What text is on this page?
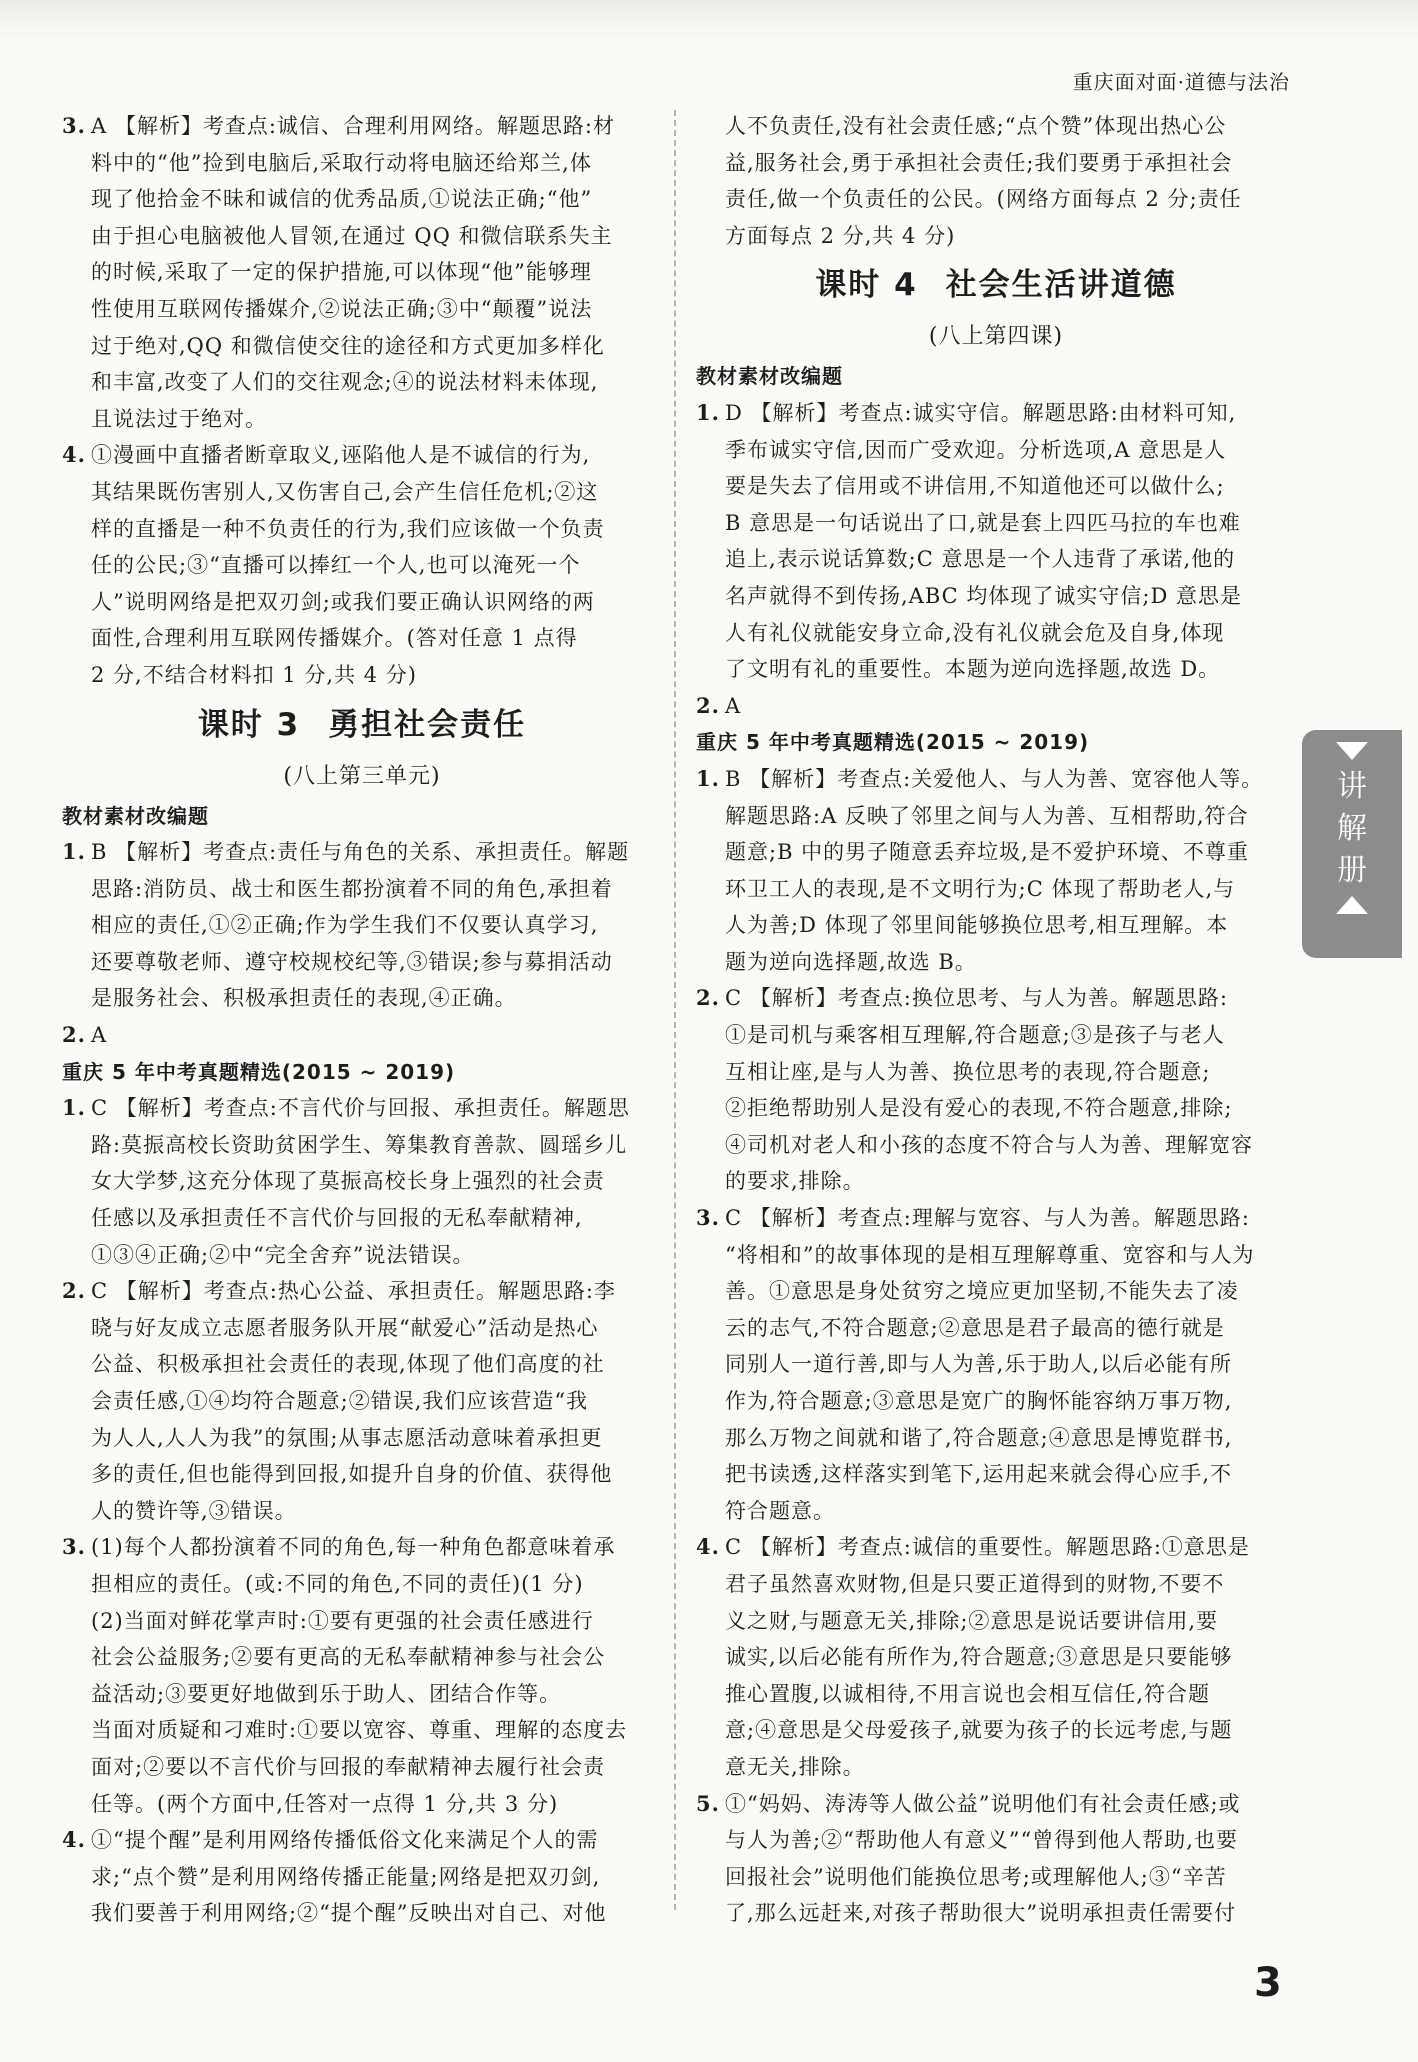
重庆面对面·道德与法治
3. A 【解析】考查点:诚信、合理利用网络。解题思路:材
料中的“他”捡到电脑后,采取行动将电脑还给郑兰,体
现了他拾金不昧和诚信的优秀品质,①说法正确;“他”
由于担心电脑被他人冒领,在通过 QQ 和微信联系失主
的时候,采取了一定的保护措施,可以体现“他”能够理
性使用互联网传播媒介,②说法正确;③中“颠覆”说法
过于绝对,QQ 和微信使交往的途径和方式更加多样化
和丰富,改变了人们的交往观念;④的说法材料未体现,
且说法过于绝对。
4. ①漫画中直播者断章取义,诬陷他人是不诚信的行为,
其结果既伤害别人,又伤害自己,会产生信任危机;②这
样的直播是一种不负责任的行为,我们应该做一个负责
任的公民;③“直播可以捧红一个人,也可以淹死一个
人”说明网络是把双刃剑;或我们要正确认识网络的两
面性,合理利用互联网传播媒介。(答对任意 1 点得
2 分,不结合材料扣 1 分,共 4 分)
课时 3 勇担社会责任
(八上第三单元)
教材素材改编题
1. B 【解析】考查点:责任与角色的关系、承担责任。解题
思路:消防员、战士和医生都扮演着不同的角色,承担着
相应的责任,①②正确;作为学生我们不仅要认真学习,
还要尊敬老师、遵守校规校纪等,③错误;参与募捐活动
是服务社会、积极承担责任的表现,④正确。
2. A
重庆 5 年中考真题精选(2015 ~ 2019)
1. C 【解析】考查点:不言代价与回报、承担责任。解题思
路:莫振高校长资助贫困学生、筹集教育善款、圆瑶乡儿
女大学梦,这充分体现了莫振高校长身上强烈的社会责
任感以及承担责任不言代价与回报的无私奉献精神,
①③④正确;②中“完全舍弃”说法错误。
2. C 【解析】考查点:热心公益、承担责任。解题思路:李
晓与好友成立志愿者服务队开展“献爱心”活动是热心
公益、积极承担社会责任的表现,体现了他们高度的社
会责任感,①④均符合题意;②错误,我们应该营造“我
为人人,人人为我”的氛围;从事志愿活动意味着承担更
多的责任,但也能得到回报,如提升自身的价值、获得他
人的赞许等,③错误。
3. (1)每个人都扮演着不同的角色,每一种角色都意味着承
担相应的责任。(或:不同的角色,不同的责任)(1 分)
(2)当面对鲜花掌声时:①要有更强的社会责任感进行
社会公益服务;②要有更高的无私奉献精神参与社会公
益活动;③要更好地做到乐于助人、团结合作等。
当面对质疑和刁难时:①要以宽容、尊重、理解的态度去
面对;②要以不言代价与回报的奉献精神去履行社会责
任等。(两个方面中,任答对一点得 1 分,共 3 分)
4. ①“提个醒”是利用网络传播低俗文化来满足个人的需
求;“点个赞”是利用网络传播正能量;网络是把双刃剑,
我们要善于利用网络;②“提个醒”反映出对自己、对他
人不负责任,没有社会责任感;“点个赞”体现出热心公
益,服务社会,勇于承担社会责任;我们要勇于承担社会
责任,做一个负责任的公民。(网络方面每点 2 分;责任
方面每点 2 分,共 4 分)
课时 4 社会生活讲道德
(八上第四课)
教材素材改编题
1. D 【解析】考查点:诚实守信。解题思路:由材料可知,
季布诚实守信,因而广受欢迎。分析选项,A 意思是人
要是失去了信用或不讲信用,不知道他还可以做什么;
B 意思是一句话说出了口,就是套上四匹马拉的车也难
追上,表示说话算数;C 意思是一个人违背了承诺,他的
名声就得不到传扬,ABC 均体现了诚实守信;D 意思是
人有礼仪就能安身立命,没有礼仪就会危及自身,体现
了文明有礼的重要性。本题为逆向选择题,故选 D。
2. A
重庆 5 年中考真题精选(2015 ~ 2019)
1. B 【解析】考查点:关爱他人、与人为善、宽容他人等。
解题思路:A 反映了邻里之间与人为善、互相帮助,符合
题意;B 中的男子随意丢弃垃圾,是不爱护环境、不尊重
环卫工人的表现,是不文明行为;C 体现了帮助老人,与
人为善;D 体现了邻里间能够换位思考,相互理解。本
题为逆向选择题,故选 B。
2. C 【解析】考查点:换位思考、与人为善。解题思路:
①是司机与乘客相互理解,符合题意;③是孩子与老人
互相让座,是与人为善、换位思考的表现,符合题意;
②拒绝帮助别人是没有爱心的表现,不符合题意,排除;
④司机对老人和小孩的态度不符合与人为善、理解宽容
的要求,排除。
3. C 【解析】考查点:理解与宽容、与人为善。解题思路:
“将相和”的故事体现的是相互理解尊重、宽容和与人为
善。①意思是身处贫穷之境应更加坚韧,不能失去了凌
云的志气,不符合题意;②意思是君子最高的德行就是
同别人一道行善,即与人为善,乐于助人,以后必能有所
作为,符合题意;③意思是宽广的胸怀能容纳万事万物,
那么万物之间就和谐了,符合题意;④意思是博览群书,
把书读透,这样落实到笔下,运用起来就会得心应手,不
符合题意。
4. C 【解析】考查点:诚信的重要性。解题思路:①意思是
君子虽然喜欢财物,但是只要正道得到的财物,不要不
义之财,与题意无关,排除;②意思是说话要讲信用,要
诚实,以后必能有所作为,符合题意;③意思是只要能够
推心置腹,以诚相待,不用言说也会相互信任,符合题
意;④意思是父母爱孩子,就要为孩子的长远考虑,与题
意无关,排除。
5. ①“妈妈、涛涛等人做公益”说明他们有社会责任感;或
与人为善;②“帮助他人有意义”“曾得到他人帮助,也要
回报社会”说明他们能换位思考;或理解他人;③“辛苦
了,那么远赶来,对孩子帮助很大”说明承担责任需要付
讲
解
册
3
